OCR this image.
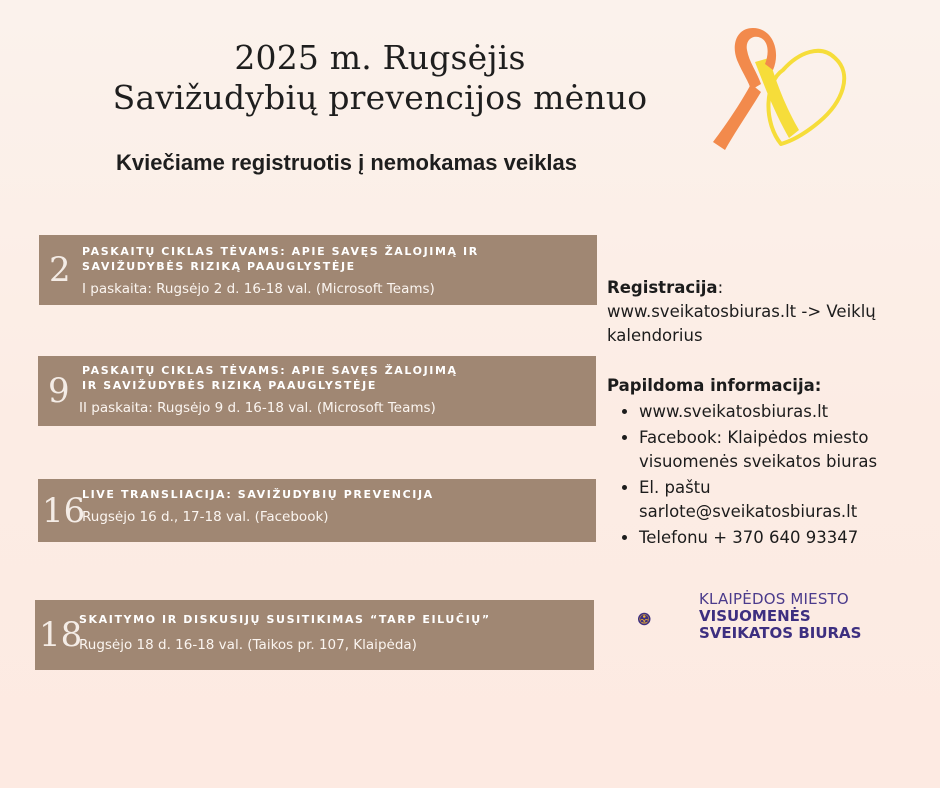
2025 m. Rugsėjis
Savižudybių prevencijos mėnuo
Kviečiame registruotis į nemokamas veiklas
2 PASKAITŲ CIKLAS TĖVAMS: APIE SAVĘS ŽALOJIMĄ IR
SAVIŽUDYBĖS RIZIKĄ PAAUGLYSTĖJE
I paskaita: Rugsėjo 2 d. 16-18 val. (Microsoft Teams)
9
PASKAITŲ CIKLAS TĖVAMS: APIE SAVĘS ŽALOJIMĄ
IR SAVIŽUDYBĖS RIZIKĄ PAAUGLYSTĖJE
II paskaita: Rugsėjo 9 d. 16-18 val. (Microsoft Teams)
16
LIVE TRANSLIACIJA: SAVIŽUDYBIŲ PREVENCIJA
Rugsėjo 16 d., 17-18 val. (Facebook)
18
SKAITYMO IR DISKUSIJŲ SUSITIKIMAS “TARP EILUČIŲ”
Rugsėjo 18 d. 16-18 val. (Taikos pr. 107, Klaipėda)
Registracija:
www.sveikatosbiuras.lt -> Veiklų
kalendorius
Papildoma informacija:
• www.sveikatosbiuras.lt
• Facebook: Klaipėdos miesto
visuomenės sveikatos biuras
• El. paštu
sarlote@sveikatosbiuras.lt
• Telefonu + 370 640 93347
KLAIPĖDOS MIESTO
VISUOMENĖS
SVEIKATOS BIURAS
